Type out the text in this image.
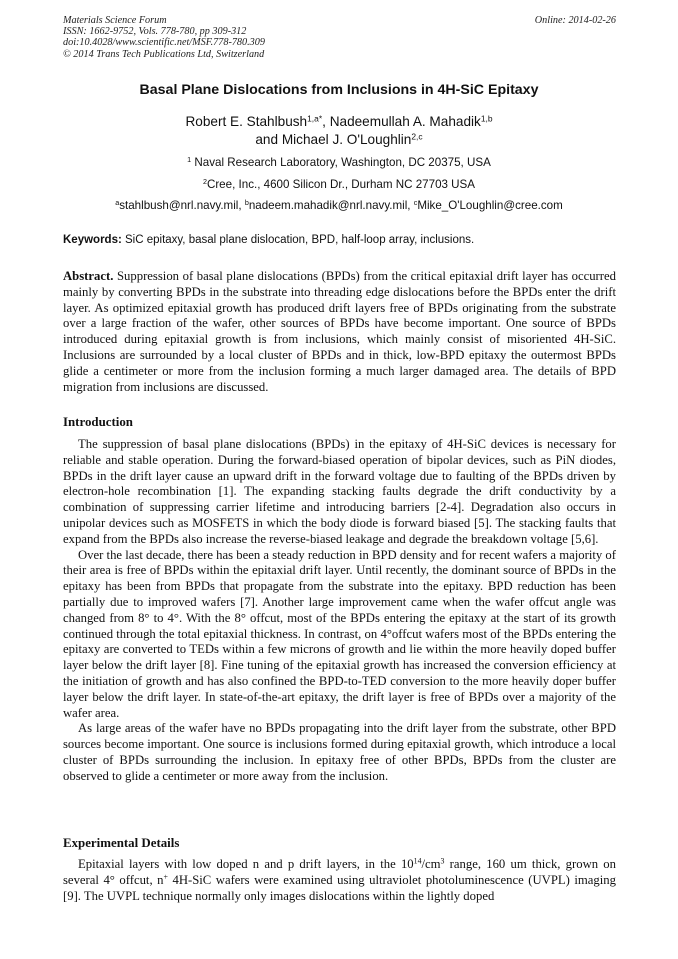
Materials Science Forum
ISSN: 1662-9752, Vols. 778-780, pp 309-312
doi:10.4028/www.scientific.net/MSF.778-780.309
© 2014 Trans Tech Publications Ltd, Switzerland
Online: 2014-02-26
Basal Plane Dislocations from Inclusions in 4H-SiC Epitaxy
Robert E. Stahlbush$^{1,a*}$, Nadeemullah A. Mahadik$^{1,b}$
and Michael J. O'Loughlin$^{2,c}$
$^1$ Naval Research Laboratory, Washington, DC 20375, USA
$^2$Cree, Inc., 4600 Silicon Dr., Durham NC 27703 USA
$^a$stahlbush@nrl.navy.mil, $^b$nadeem.mahadik@nrl.navy.mil, $^c$Mike_O'Loughlin@cree.com
Keywords: SiC epitaxy, basal plane dislocation, BPD, half-loop array, inclusions.
Abstract. Suppression of basal plane dislocations (BPDs) from the critical epitaxial drift layer has occurred mainly by converting BPDs in the substrate into threading edge dislocations before the BPDs enter the drift layer. As optimized epitaxial growth has produced drift layers free of BPDs originating from the substrate over a large fraction of the wafer, other sources of BPDs have become important. One source of BPDs introduced during epitaxial growth is from inclusions, which mainly consist of misoriented 4H-SiC. Inclusions are surrounded by a local cluster of BPDs and in thick, low-BPD epitaxy the outermost BPDs glide a centimeter or more from the inclusion forming a much larger damaged area. The details of BPD migration from inclusions are discussed.
Introduction

The suppression of basal plane dislocations (BPDs) in the epitaxy of 4H-SiC devices is necessary for reliable and stable operation. During the forward-biased operation of bipolar devices, such as PiN diodes, BPDs in the drift layer cause an upward drift in the forward voltage due to faulting of the BPDs driven by electron-hole recombination [1]. The expanding stacking faults degrade the drift conductivity by a combination of suppressing carrier lifetime and introducing barriers [2-4]. Degradation also occurs in unipolar devices such as MOSFETS in which the body diode is forward biased [5]. The stacking faults that expand from the BPDs also increase the reverse-biased leakage and degrade the breakdown voltage [5,6].

Over the last decade, there has been a steady reduction in BPD density and for recent wafers a majority of their area is free of BPDs within the epitaxial drift layer. Until recently, the dominant source of BPDs in the epitaxy has been from BPDs that propagate from the substrate into the epitaxy. BPD reduction has been partially due to improved wafers [7]. Another large improvement came when the wafer offcut angle was changed from 8° to 4°. With the 8° offcut, most of the BPDs entering the epitaxy at the start of its growth continued through the total epitaxial thickness. In contrast, on 4°offcut wafers most of the BPDs entering the epitaxy are converted to TEDs within a few microns of growth and lie within the more heavily doped buffer layer below the drift layer [8]. Fine tuning of the epitaxial growth has increased the conversion efficiency at the initiation of growth and has also confined the BPD-to-TED conversion to the more heavily doper buffer layer below the drift layer. In state-of-the-art epitaxy, the drift layer is free of BPDs over a majority of the wafer area.

As large areas of the wafer have no BPDs propagating into the drift layer from the substrate, other BPD sources become important. One source is inclusions formed during epitaxial growth, which introduce a local cluster of BPDs surrounding the inclusion. In epitaxy free of other BPDs, BPDs from the cluster are observed to glide a centimeter or more away from the inclusion.

Experimental Details

Epitaxial layers with low doped n and p drift layers, in the $10^{14}/cm^3$ range, 160 um thick, grown on several 4° offcut, n+ 4H-SiC wafers were examined using ultraviolet photoluminescence (UVPL) imaging [9]. The UVPL technique normally only images dislocations within the lightly doped
